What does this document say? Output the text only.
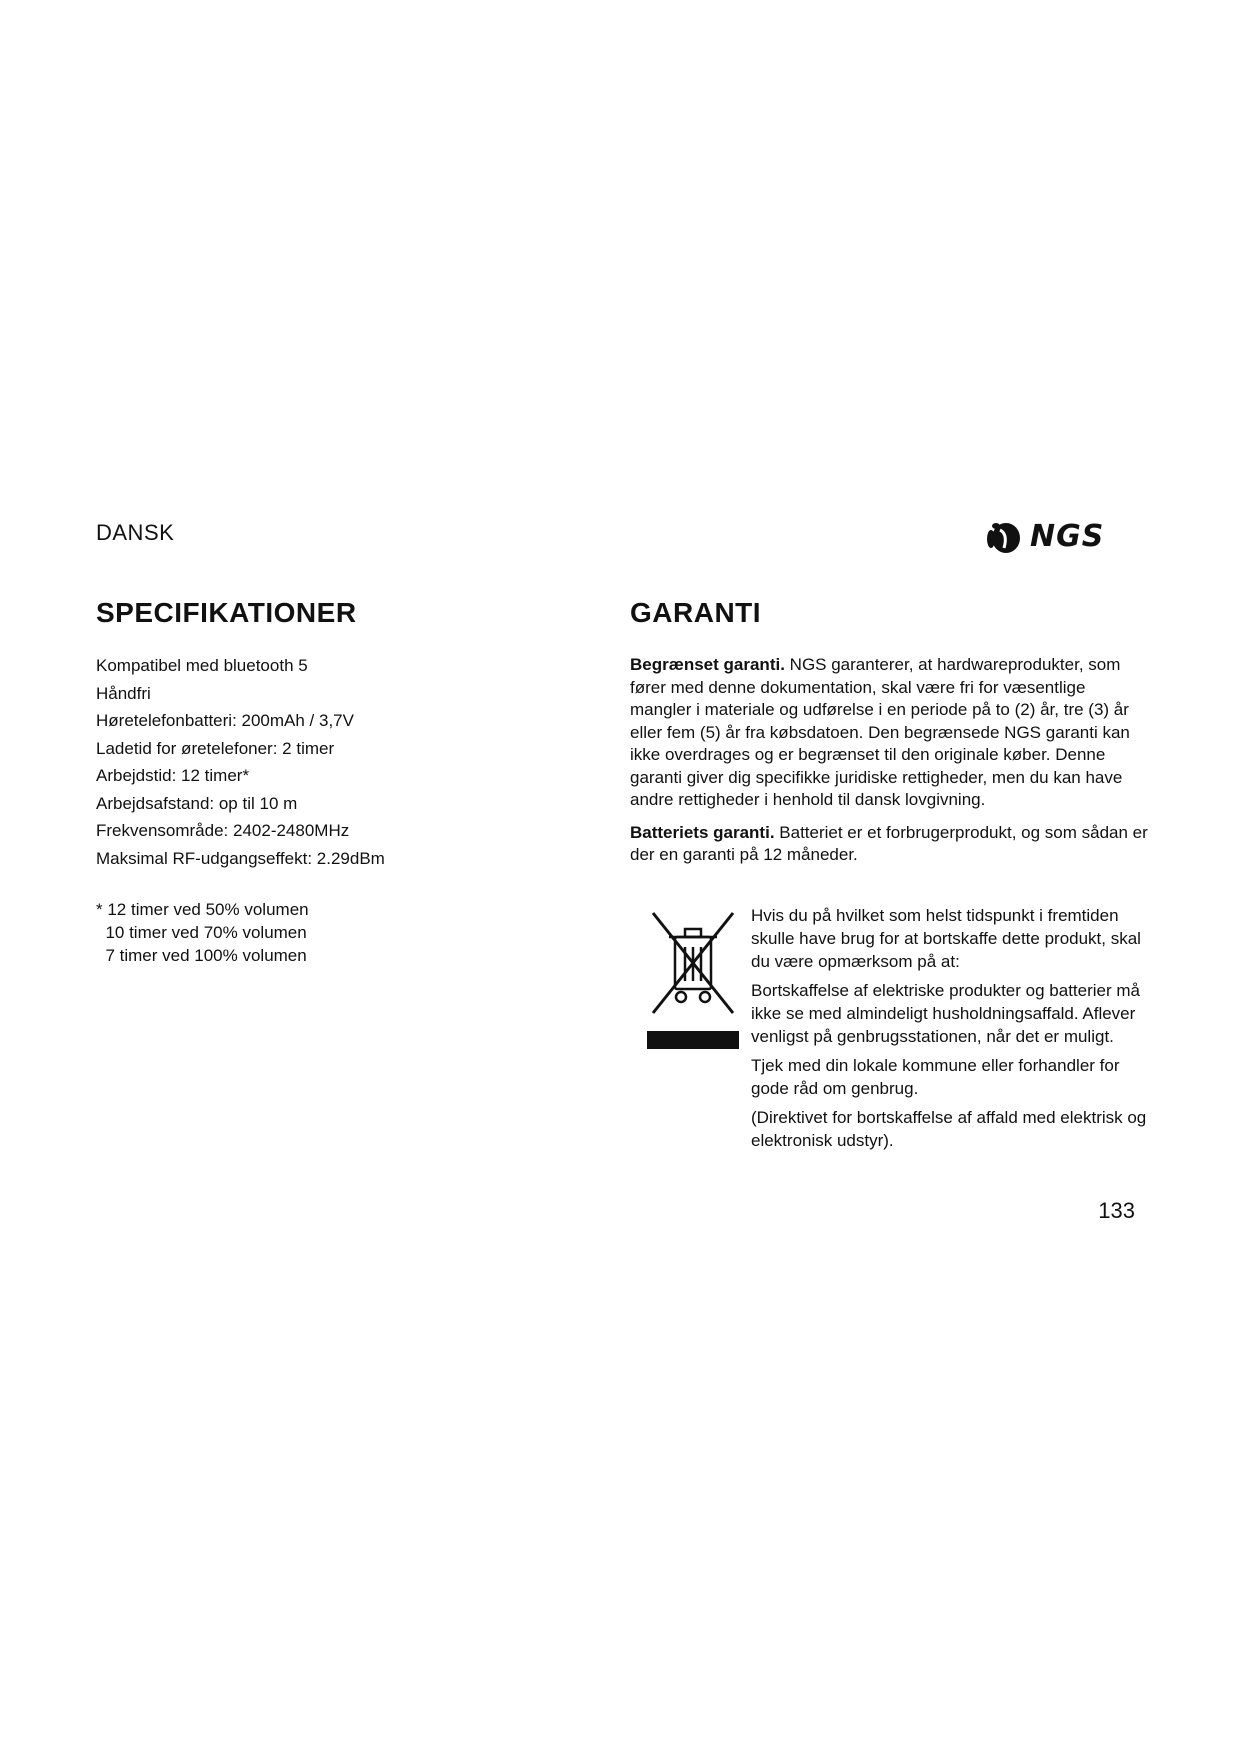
DANSK	NGS
SPECIFIKATIONER
Kompatibel med bluetooth 5
Håndfri
Høretelefonbatteri: 200mAh / 3,7V
Ladetid for øretelefoner: 2 timer
Arbejdstid: 12 timer*
Arbejdsafstand: op til 10 m
Frekvensområde: 2402-2480MHz
Maksimal RF-udgangseffekt: 2.29dBm
* 12 timer ved 50% volumen
10 timer ved 70% volumen
7 timer ved 100% volumen
GARANTI

Begrænset garanti. NGS garanterer, at hardwareprodukter, som fører med denne dokumentation, skal være fri for væsentlige mangler i materiale og udførelse i en periode på to (2) år, tre (3) år eller fem (5) år fra købsdatoen. Den begrænsede NGS garanti kan ikke overdrages og er begrænset til den originale køber. Denne garanti giver dig specifikke juridiske rettigheder, men du kan have andre rettigheder i henhold til dansk lovgivning.

Batteriets garanti. Batteriet er et forbrugerprodukt, og som sådan er der en garanti på 12 måneder.

Hvis du på hvilket som helst tidspunkt i fremtiden skulle have brug for at bortskaffe dette produkt, skal du være opmærksom på at:

Bortskaffelse af elektriske produkter og batterier må ikke se med almindeligt husholdningsaffald. Aflever venligst på genbrugsstationen, når det er muligt.

Tjek med din lokale kommune eller forhandler for gode råd om genbrug.

(Direktivet for bortskaffelse af affald med elektrisk og elektronisk udstyr).

133
